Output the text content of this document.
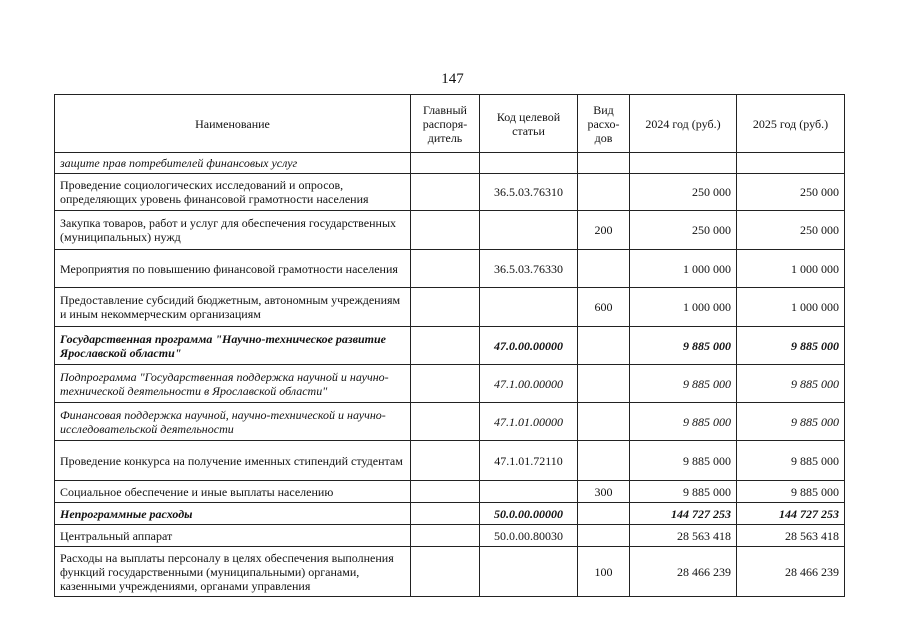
147
Наименование	Главный распоря-дитель	Код целевой статьи	Вид расхо-дов	2024 год (руб.)	2025 год (руб.)
защите прав потребителей финансовых услуг					
Проведение социологических исследований и опросов, определяющих уровень финансовой грамотности населения		36.5.03.76310		250 000	250 000
Закупка товаров, работ и услуг для обеспечения государственных (муниципальных) нужд			200	250 000	250 000
Мероприятия по повышению финансовой грамотности населения		36.5.03.76330		1 000 000	1 000 000
Предоставление субсидий бюджетным, автономным учреждениям и иным некоммерческим организациям			600	1 000 000	1 000 000
Государственная программа "Научно-техническое развитие Ярославской области"		47.0.00.00000		9 885 000	9 885 000
Подпрограмма "Государственная поддержка научной и научно-технической деятельности в Ярославской области"		47.1.00.00000		9 885 000	9 885 000
Финансовая поддержка научной, научно-технической и научно-исследовательской деятельности		47.1.01.00000		9 885 000	9 885 000
Проведение конкурса на получение именных стипендий студентам		47.1.01.72110		9 885 000	9 885 000
Социальное обеспечение и иные выплаты населению			300	9 885 000	9 885 000
Непрограммные расходы		50.0.00.00000		144 727 253	144 727 253
Центральный аппарат		50.0.00.80030		28 563 418	28 563 418
Расходы на выплаты персоналу в целях обеспечения выполнения функций государственными (муниципальными) органами, казенными учреждениями, органами управления			100	28 466 239	28 466 239
